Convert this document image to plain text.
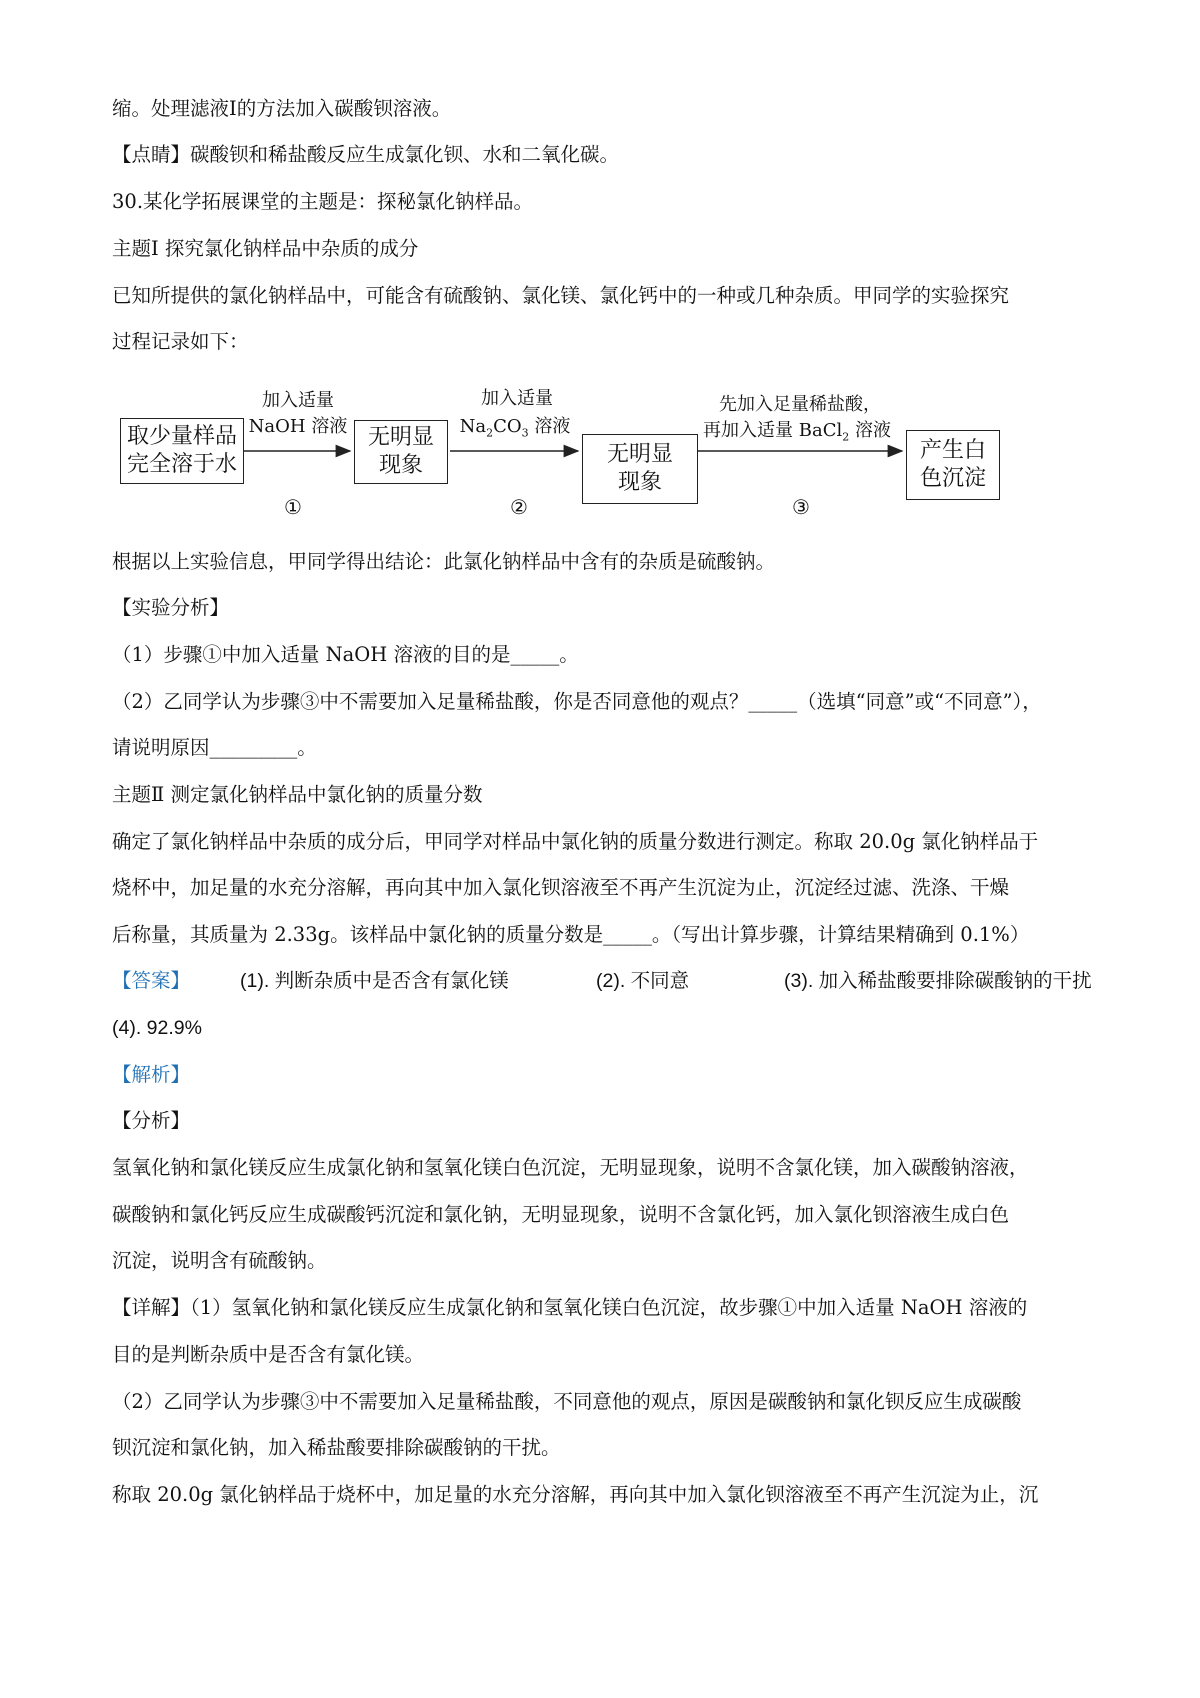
缩。处理滤液Ⅰ的方法加入碳酸钡溶液。
【点睛】碳酸钡和稀盐酸反应生成氯化钡、水和二氧化碳。
30.某化学拓展课堂的主题是：探秘氯化钠样品。
主题Ⅰ 探究氯化钠样品中杂质的成分
已知所提供的氯化钠样品中，可能含有硫酸钠、氯化镁、氯化钙中的一种或几种杂质。甲同学的实验探究
过程记录如下：
取少量样品
完全溶于水
无明显
现象	无明显
现象
产生白
色沉淀
加入适量
NaOH 溶液
加入适量
$Na_2CO_3$ 溶液
先加入足量稀盐酸，
再加入适量 BaCl$_2$ 溶液
①	②	③
根据以上实验信息，甲同学得出结论：此氯化钠样品中含有的杂质是硫酸钠。
【实验分析】
（1）步骤①中加入适量 NaOH 溶液的目的是_____。
（2）乙同学认为步骤③中不需要加入足量稀盐酸，你是否同意他的观点？_____（选填“同意”或“不同意”），
请说明原因_________。
主题Ⅱ 测定氯化钠样品中氯化钠的质量分数
确定了氯化钠样品中杂质的成分后，甲同学对样品中氯化钠的质量分数进行测定。称取 20.0g 氯化钠样品于
烧杯中，加足量的水充分溶解，再向其中加入氯化钡溶液至不再产生沉淀为止，沉淀经过滤、洗涤、干燥
后称量，其质量为 2.33g。该样品中氯化钠的质量分数是_____。（写出计算步骤，计算结果精确到 0.1%）
【答案】	(1). 判断杂质中是否含有氯化镁	(2). 不同意	(3). 加入稀盐酸要排除碳酸钠的干扰
(4). 92.9%
【解析】
【分析】
氢氧化钠和氯化镁反应生成氯化钠和氢氧化镁白色沉淀，无明显现象，说明不含氯化镁，加入碳酸钠溶液，
碳酸钠和氯化钙反应生成碳酸钙沉淀和氯化钠，无明显现象，说明不含氯化钙，加入氯化钡溶液生成白色
沉淀，说明含有硫酸钠。
【详解】（1）氢氧化钠和氯化镁反应生成氯化钠和氢氧化镁白色沉淀，故步骤①中加入适量 NaOH 溶液的
目的是判断杂质中是否含有氯化镁。
（2）乙同学认为步骤③中不需要加入足量稀盐酸，不同意他的观点，原因是碳酸钠和氯化钡反应生成碳酸
钡沉淀和氯化钠，加入稀盐酸要排除碳酸钠的干扰。
称取 20.0g 氯化钠样品于烧杯中，加足量的水充分溶解，再向其中加入氯化钡溶液至不再产生沉淀为止，沉
